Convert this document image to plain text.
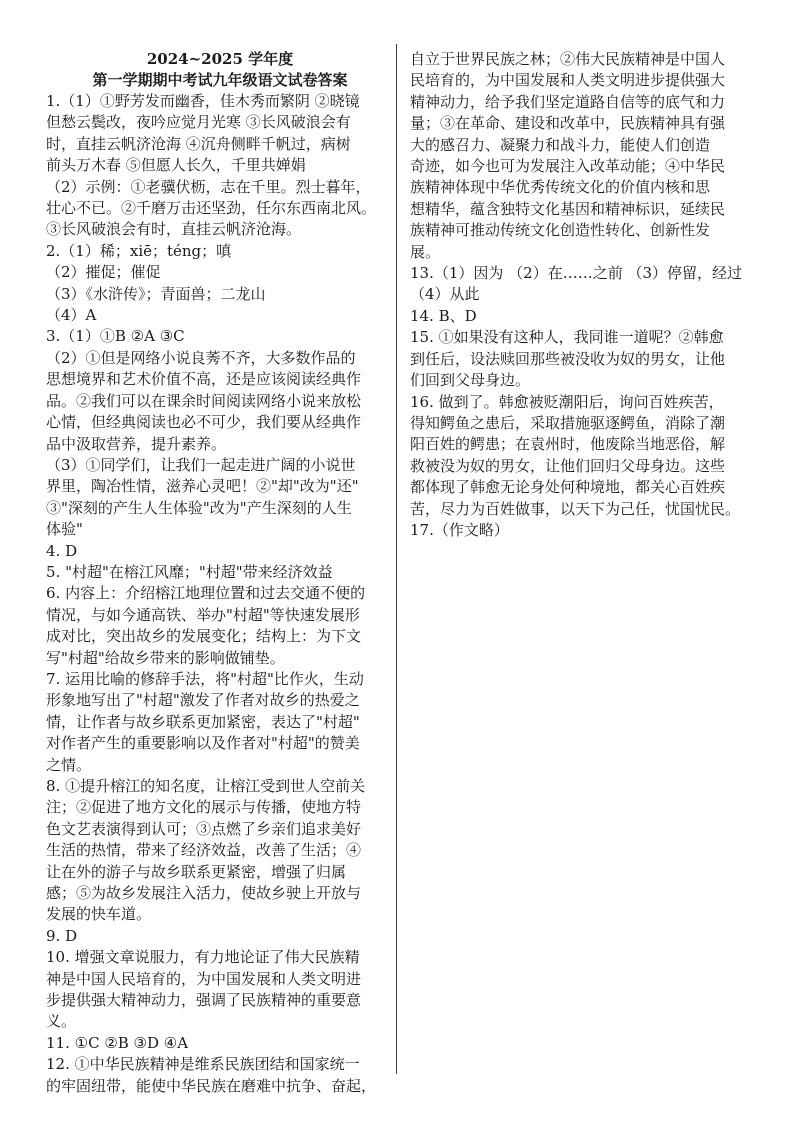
2024~2025 学年度
第一学期期中考试九年级语文试卷答案
1.（1）①野芳发而幽香，佳木秀而繁阴 ②晓镜
但愁云鬓改，夜吟应觉月光寒 ③长风破浪会有
时，直挂云帆济沧海 ④沉舟侧畔千帆过，病树
前头万木春 ⑤但愿人长久，千里共婵娟
（2）示例：①老骥伏枥，志在千里。烈士暮年，
壮心不已。②千磨万击还坚劲，任尔东西南北风。
③长风破浪会有时，直挂云帆济沧海。
2.（1）稀；xiē；téng；嗔
（2）摧促；催促
（3）《水浒传》；青面兽；二龙山
（4）A
3.（1）①B ②A ③C
（2）①但是网络小说良莠不齐，大多数作品的
思想境界和艺术价值不高，还是应该阅读经典作
品。②我们可以在课余时间阅读网络小说来放松
心情，但经典阅读也必不可少，我们要从经典作
品中汲取营养，提升素养。
（3）①同学们，让我们一起走进广阔的小说世
界里，陶冶性情，滋养心灵吧！②"却"改为"还"
③"深刻的产生人生体验"改为"产生深刻的人生
体验"
4. D
5. "村超"在榕江风靡；"村超"带来经济效益
6. 内容上：介绍榕江地理位置和过去交通不便的
情况，与如今通高铁、举办"村超"等快速发展形
成对比，突出故乡的发展变化；结构上：为下文
写"村超"给故乡带来的影响做铺垫。
7. 运用比喻的修辞手法，将"村超"比作火，生动
形象地写出了"村超"激发了作者对故乡的热爱之
情，让作者与故乡联系更加紧密，表达了"村超"
对作者产生的重要影响以及作者对"村超"的赞美
之情。
8. ①提升榕江的知名度，让榕江受到世人空前关
注；②促进了地方文化的展示与传播，使地方特
色文艺表演得到认可；③点燃了乡亲们追求美好
生活的热情，带来了经济效益，改善了生活；④
让在外的游子与故乡联系更紧密，增强了归属
感；⑤为故乡发展注入活力，使故乡驶上开放与
发展的快车道。
9. D
10. 增强文章说服力，有力地论证了伟大民族精
神是中国人民培育的，为中国发展和人类文明进
步提供强大精神动力，强调了民族精神的重要意
义。
11. ①C ②B ③D ④A
12. ①中华民族精神是维系民族团结和国家统一
的牢固纽带，能使中华民族在磨难中抗争、奋起，
自立于世界民族之林；②伟大民族精神是中国人
民培育的，为中国发展和人类文明进步提供强大
精神动力，给予我们坚定道路自信等的底气和力
量；③在革命、建设和改革中，民族精神具有强
大的感召力、凝聚力和战斗力，能使人们创造
奇迹，如今也可为发展注入改革动能；④中华民
族精神体现中华优秀传统文化的价值内核和思
想精华，蕴含独特文化基因和精神标识，延续民
族精神可推动传统文化创造性转化、创新性发
展。
13.（1）因为 （2）在……之前 （3）停留，经过
（4）从此
14. B、D
15. ①如果没有这种人，我同谁一道呢？②韩愈
到任后，设法赎回那些被没收为奴的男女，让他
们回到父母身边。
16. 做到了。韩愈被贬潮阳后，询问百姓疾苦，
得知鳄鱼之患后，采取措施驱逐鳄鱼，消除了潮
阳百姓的鳄患；在袁州时，他废除当地恶俗，解
救被没为奴的男女，让他们回归父母身边。这些
都体现了韩愈无论身处何种境地，都关心百姓疾
苦，尽力为百姓做事，以天下为己任，忧国忧民。
17.（作文略）
